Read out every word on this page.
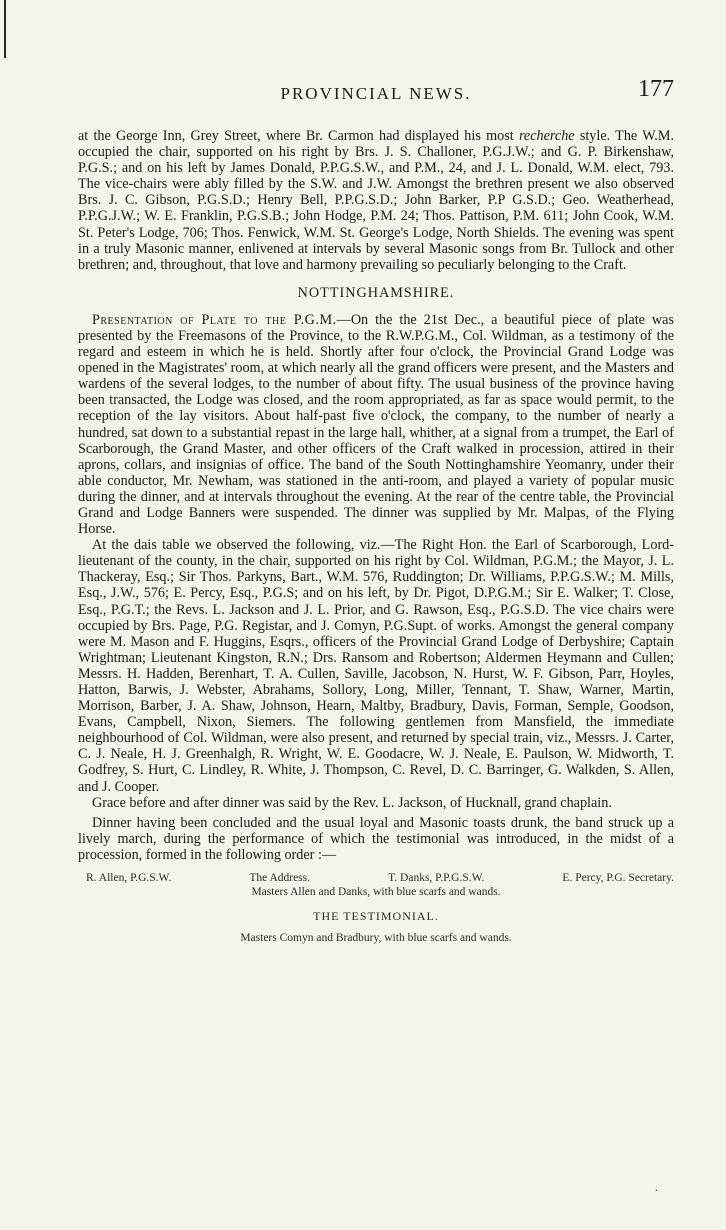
PROVINCIAL NEWS.	177

at the George Inn, Grey Street, where Br. Carmon had displayed his most recherche style. The W.M. occupied the chair, supported on his right by Brs. J. S. Challoner, P.G.J.W.; and G. P. Birkenshaw, P.G.S.; and on his left by James Donald, P.P.G.S.W., and P.M., 24, and J. L. Donald, W.M. elect, 793. The vice-chairs were ably filled by the S.W. and J.W. Amongst the brethren present we also observed Brs. J. C. Gibson, P.G.S.D.; Henry Bell, P.P.G.S.D.; John Barker, P.P G.S.D.; Geo. Weatherhead, P.P.G.J.W.; W. E. Franklin, P.G.S.B.; John Hodge, P.M. 24; Thos. Pattison, P.M. 611; John Cook, W.M. St. Peter's Lodge, 706; Thos. Fenwick, W.M. St. George's Lodge, North Shields. The evening was spent in a truly Masonic manner, enlivened at intervals by several Masonic songs from Br. Tullock and other brethren; and, throughout, that love and harmony prevailing so peculiarly belonging to the Craft.

NOTTINGHAMSHIRE.

Presentation of Plate to the P.G.M.—On the the 21st Dec., a beautiful piece of plate was presented by the Freemasons of the Province, to the R.W.P.G.M., Col. Wildman, as a testimony of the regard and esteem in which he is held. Shortly after four o'clock, the Provincial Grand Lodge was opened in the Magistrates' room, at which nearly all the grand officers were present, and the Masters and wardens of the several lodges, to the number of about fifty. The usual business of the province having been transacted, the Lodge was closed, and the room appropriated, as far as space would permit, to the reception of the lay visitors. About half-past five o'clock, the company, to the number of nearly a hundred, sat down to a substantial repast in the large hall, whither, at a signal from a trumpet, the Earl of Scarborough, the Grand Master, and other officers of the Craft walked in procession, attired in their aprons, collars, and insignias of office. The band of the South Nottinghamshire Yeomanry, under their able conductor, Mr. Newham, was stationed in the anti-room, and played a variety of popular music during the dinner, and at intervals throughout the evening. At the rear of the centre table, the Provincial Grand and Lodge Banners were suspended. The dinner was supplied by Mr. Malpas, of the Flying Horse.

At the dais table we observed the following, viz.—The Right Hon. the Earl of Scarborough, Lord-lieutenant of the county, in the chair, supported on his right by Col. Wildman, P.G.M.; the Mayor, J. L. Thackeray, Esq.; Sir Thos. Parkyns, Bart., W.M. 576, Ruddington; Dr. Williams, P.P.G.S.W.; M. Mills, Esq., J.W., 576; E. Percy, Esq., P.G.S; and on his left, by Dr. Pigot, D.P.G.M.; Sir E. Walker; T. Close, Esq., P.G.T.; the Revs. L. Jackson and J. L. Prior, and G. Rawson, Esq., P.G.S.D. The vice chairs were occupied by Brs. Page, P.G. Registar, and J. Comyn, P.G.Supt. of works. Amongst the general company were M. Mason and F. Huggins, Esqrs., officers of the Provincial Grand Lodge of Derbyshire; Captain Wrightman; Lieutenant Kingston, R.N.; Drs. Ransom and Robertson; Aldermen Heymann and Cullen; Messrs. H. Hadden, Berenhart, T. A. Cullen, Saville, Jacobson, N. Hurst, W. F. Gibson, Parr, Hoyles, Hatton, Barwis, J. Webster, Abrahams, Sollory, Long, Miller, Tennant, T. Shaw, Warner, Martin, Morrison, Barber, J. A. Shaw, Johnson, Hearn, Maltby, Bradbury, Davis, Forman, Semple, Goodson, Evans, Campbell, Nixon, Siemers. The following gentlemen from Mansfield, the immediate neighbourhood of Col. Wildman, were also present, and returned by special train, viz., Messrs. J. Carter, C. J. Neale, H. J. Greenhalgh, R. Wright, W. E. Goodacre, W. J. Neale, E. Paulson, W. Midworth, T. Godfrey, S. Hurt, C. Lindley, R. White, J. Thompson, C. Revel, D. C. Barringer, G. Walkden, S. Allen, and J. Cooper.

Grace before and after dinner was said by the Rev. L. Jackson, of Hucknall, grand chaplain.

Dinner having been concluded and the usual loyal and Masonic toasts drunk, the band struck up a lively march, during the performance of which the testimonial was introduced, in the midst of a procession, formed in the following order :—

R. Allen, P.G.S.W.	The Address.	T. Danks, P.P.G.S.W.	E. Percy, P.G. Secretary.
Masters Allen and Danks, with blue scarfs and wands.
THE TESTIMONIAL.
Masters Comyn and Bradbury, with blue scarfs and wands.
.
